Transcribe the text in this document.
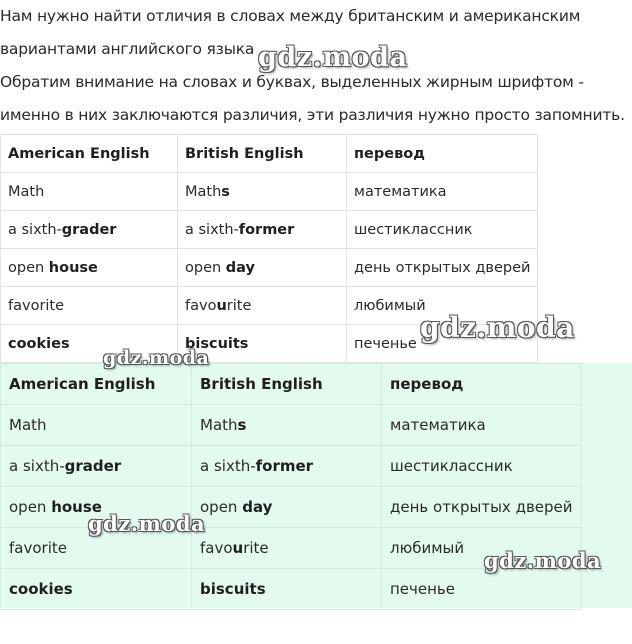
Нам нужно найти отличия в словах между британским и американским
вариантами английского языка

Обратим внимание на словах и буквах, выделенных жирным шрифтом -
именно в них заключаются различия, эти различия нужно просто запомнить.

American English	British English	перевод
Math	Maths	математика
a sixth-grader	a sixth-former	шестиклассник
open house	open day	день открытых дверей
favorite	favourite	любимый
cookies	biscuits	печенье
American English	British English	перевод
Math	Maths	математика
a sixth-grader	a sixth-former	шестиклассник
open house	open day	день открытых дверей
favorite	favourite	любимый
cookies	biscuits	печенье
gdz.moda
gdz.moda
gdz.moda
gdz.moda
gdz.moda
